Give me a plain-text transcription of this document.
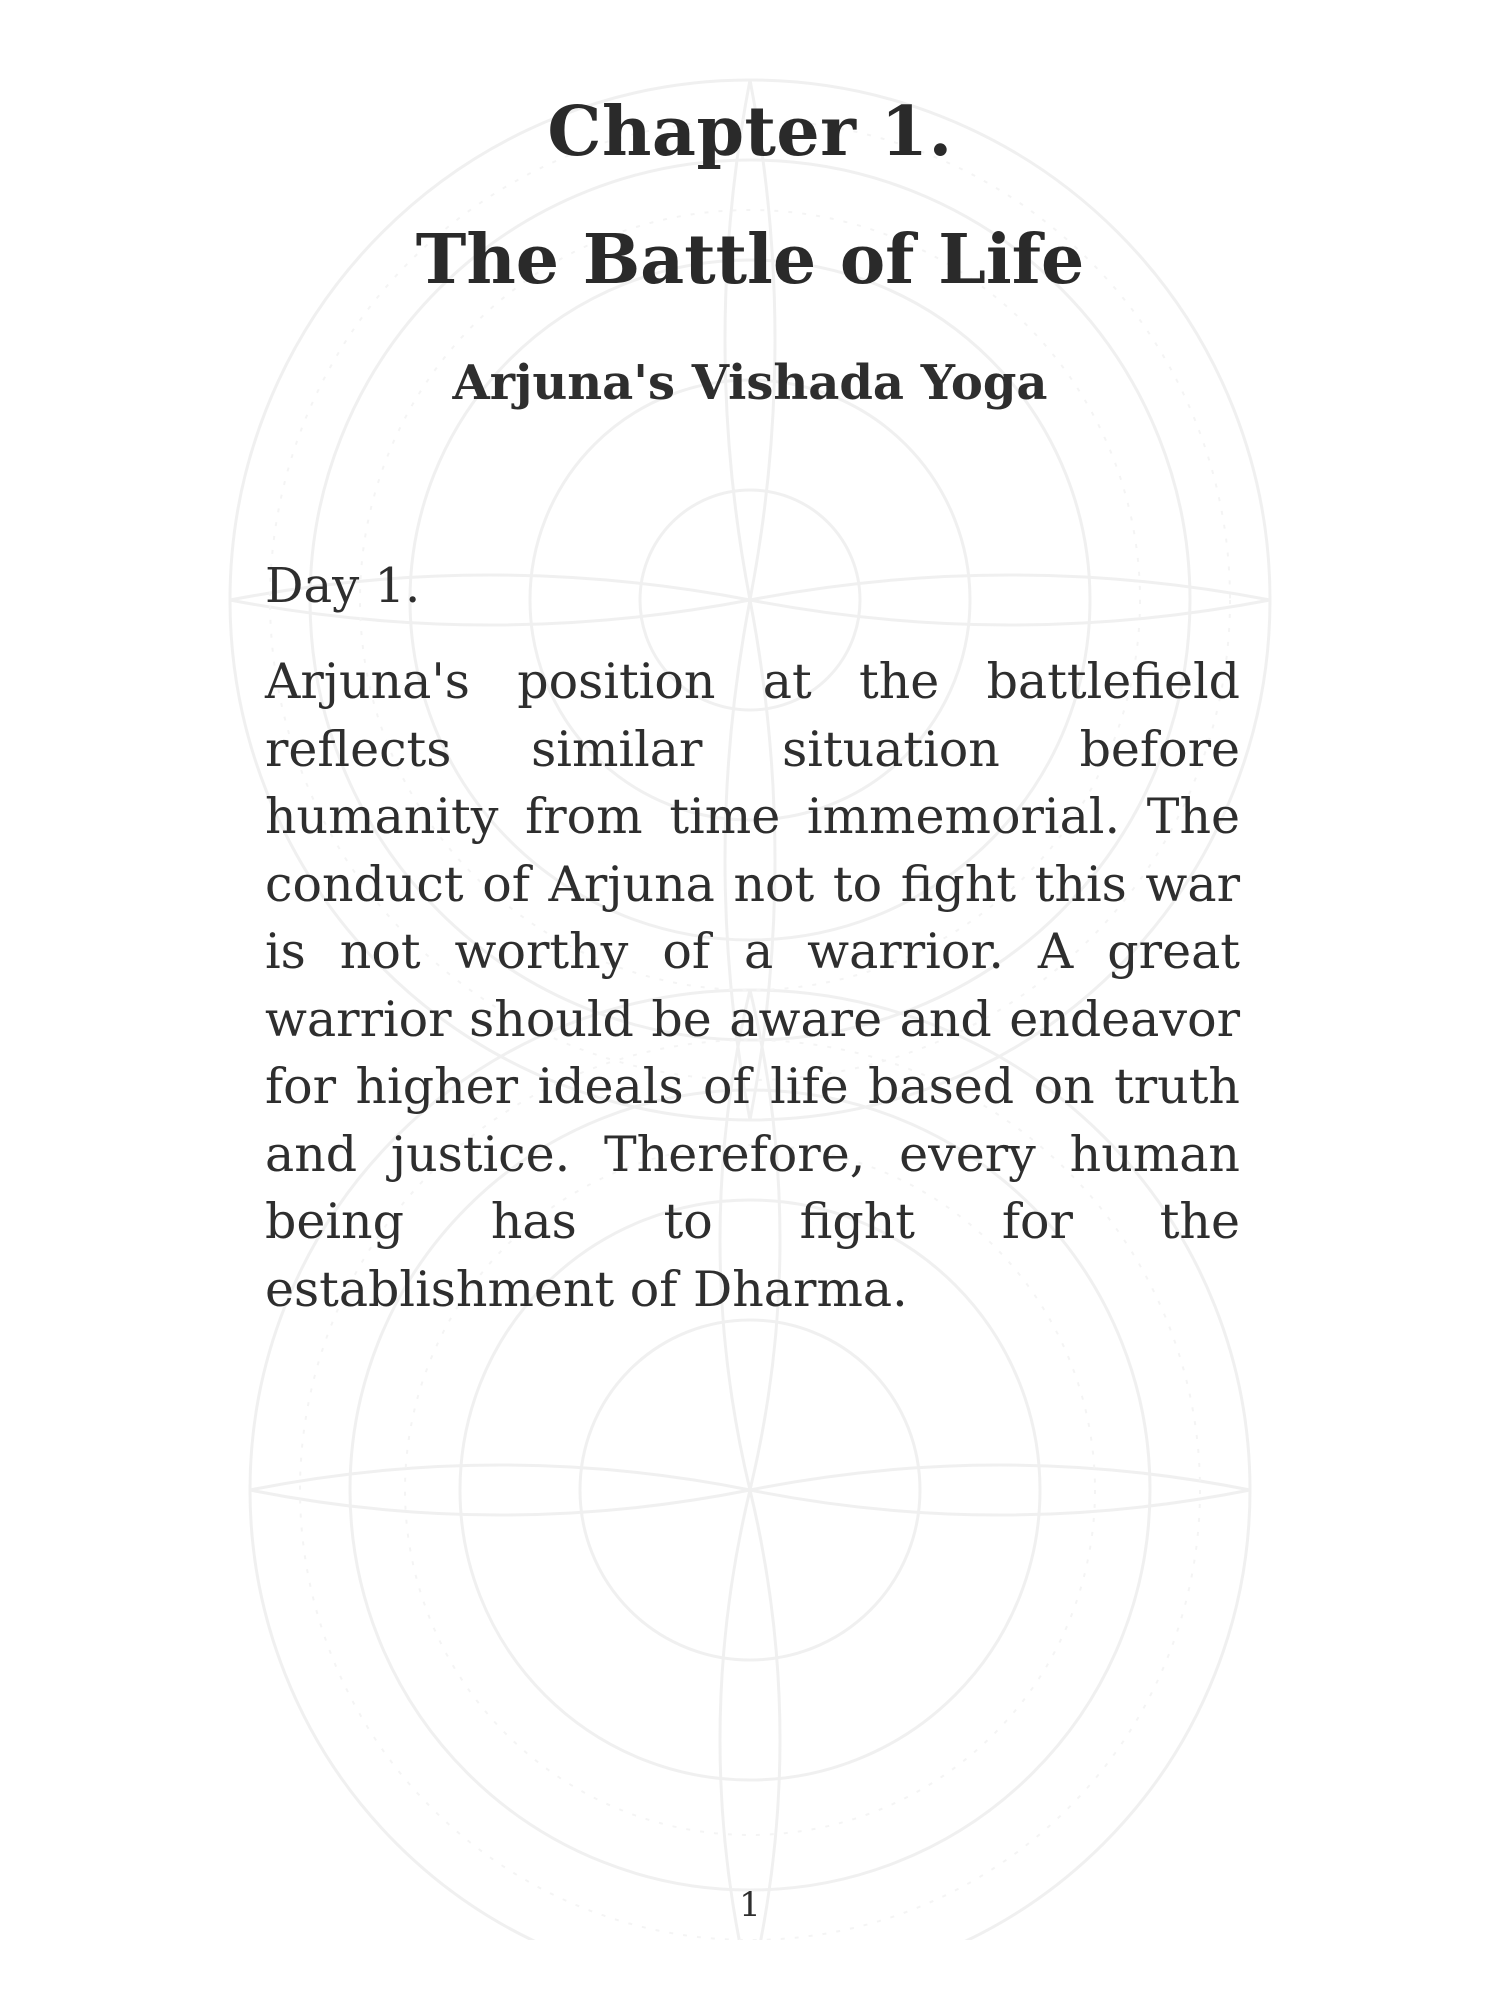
Chapter 1.
The Battle of Life
Arjuna's Vishada Yoga

Day 1.

Arjuna's position at the battlefield reflects similar situation before humanity from time immemorial. The conduct of Arjuna not to fight this war is not worthy of a warrior. A great warrior should be aware and endeavor for higher ideals of life based on truth and justice. Therefore, every human being has to fight for the establishment of Dharma.

1
